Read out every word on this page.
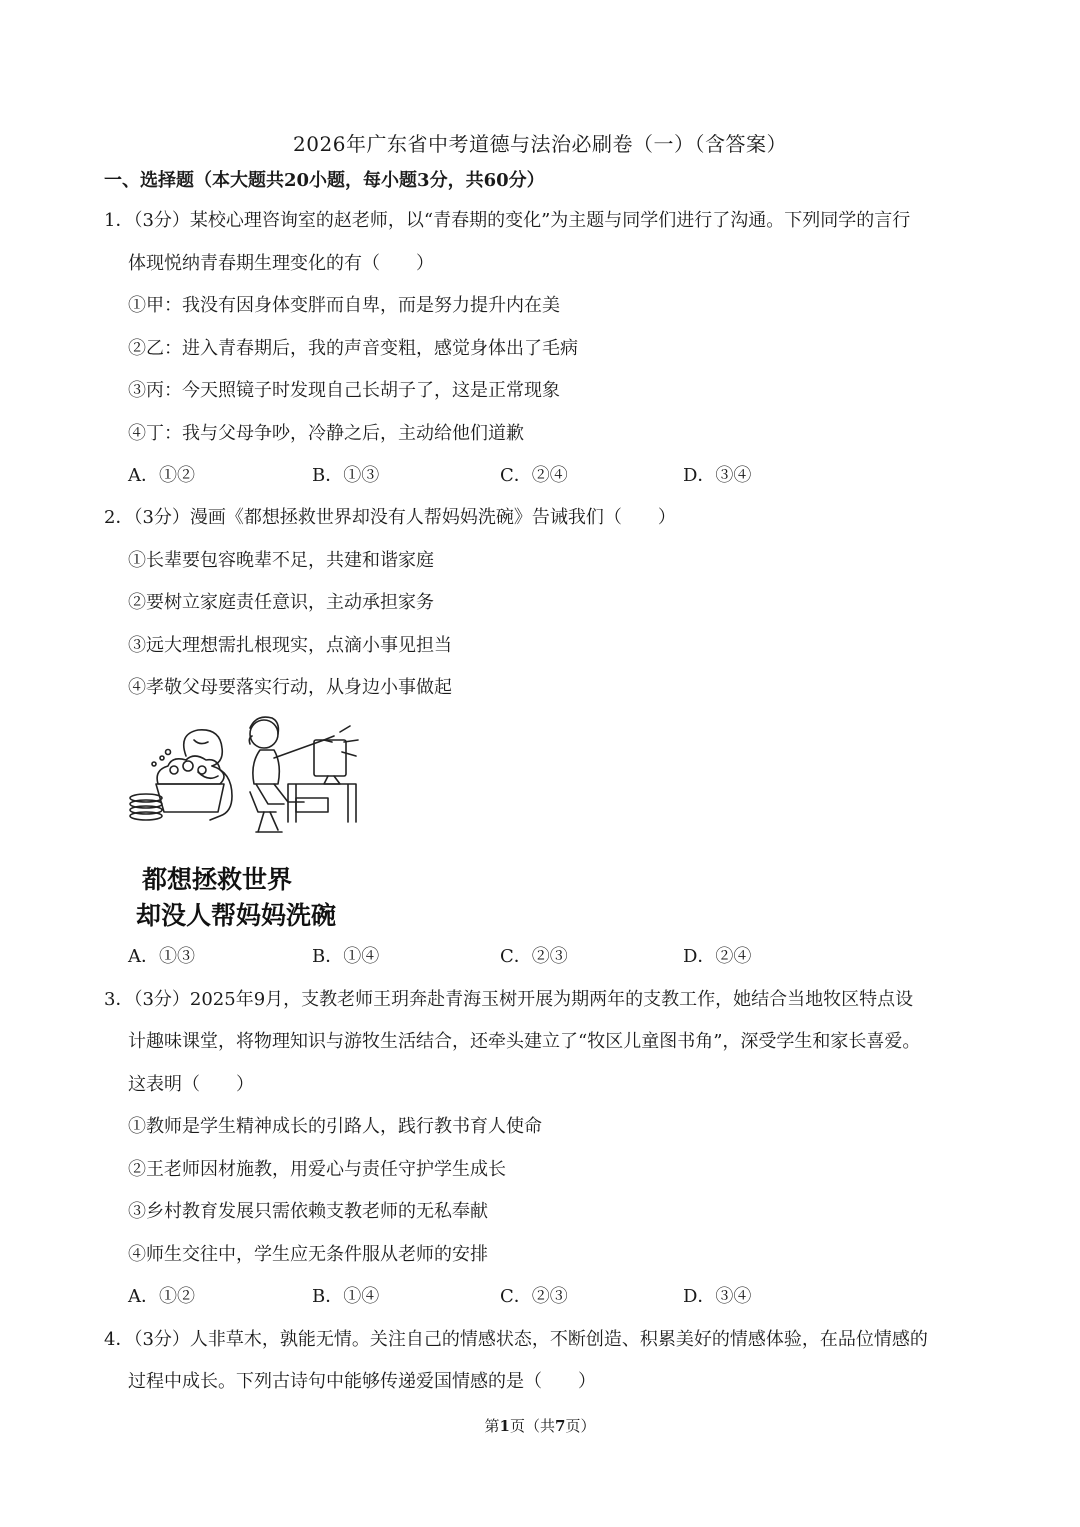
2026年广东省中考道德与法治必刷卷（一）（含答案）
一、选择题（本大题共20小题，每小题3分，共60分）
1．（3分）某校心理咨询室的赵老师，以“青春期的变化”为主题与同学们进行了沟通。下列同学的言行
体现悦纳青春期生理变化的有（　　）
①甲：我没有因身体变胖而自卑，而是努力提升内在美
②乙：进入青春期后，我的声音变粗，感觉身体出了毛病
③丙：今天照镜子时发现自己长胡子了，这是正常现象
④丁：我与父母争吵，冷静之后，主动给他们道歉
A．①②	B．①③	C．②④	D．③④
2．（3分）漫画《都想拯救世界却没有人帮妈妈洗碗》告诫我们（　　）
①长辈要包容晚辈不足，共建和谐家庭
②要树立家庭责任意识，主动承担家务
③远大理想需扎根现实，点滴小事见担当
④孝敬父母要落实行动，从身边小事做起
都想拯救世界
却没人帮妈妈洗碗
A．①③	B．①④	C．②③	D．②④
3．（3分）2025年9月，支教老师王玥奔赴青海玉树开展为期两年的支教工作，她结合当地牧区特点设
计趣味课堂，将物理知识与游牧生活结合，还牵头建立了“牧区儿童图书角”，深受学生和家长喜爱。
这表明（　　）
①教师是学生精神成长的引路人，践行教书育人使命
②王老师因材施教，用爱心与责任守护学生成长
③乡村教育发展只需依赖支教老师的无私奉献
④师生交往中，学生应无条件服从老师的安排
A．①②	B．①④	C．②③	D．③④
4．（3分）人非草木，孰能无情。关注自己的情感状态，不断创造、积累美好的情感体验，在品位情感的
过程中成长。下列古诗句中能够传递爱国情感的是（　　）
第1页（共7页）
